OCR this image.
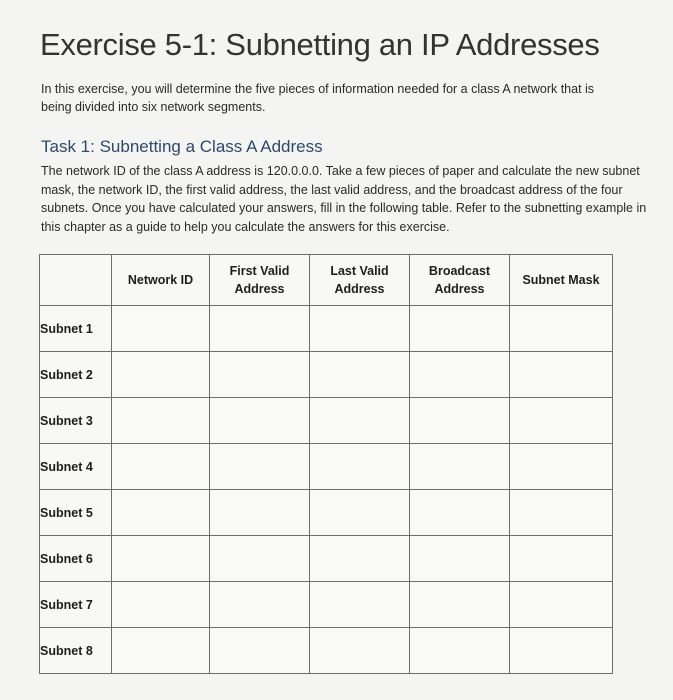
Exercise 5-1: Subnetting an IP Addresses

In this exercise, you will determine the five pieces of information needed for a class A network that is being divided into six network segments.

Task 1: Subnetting a Class A Address

The network ID of the class A address is 120.0.0.0. Take a few pieces of paper and calculate the new subnet mask, the network ID, the first valid address, the last valid address, and the broadcast address of the four subnets. Once you have calculated your answers, fill in the following table. Refer to the subnetting example in this chapter as a guide to help you calculate the answers for this exercise.

	Network ID	First Valid Address	Last Valid Address	Broadcast Address	Subnet Mask
Subnet 1					
Subnet 2					
Subnet 3					
Subnet 4					
Subnet 5					
Subnet 6					
Subnet 7					
Subnet 8					
